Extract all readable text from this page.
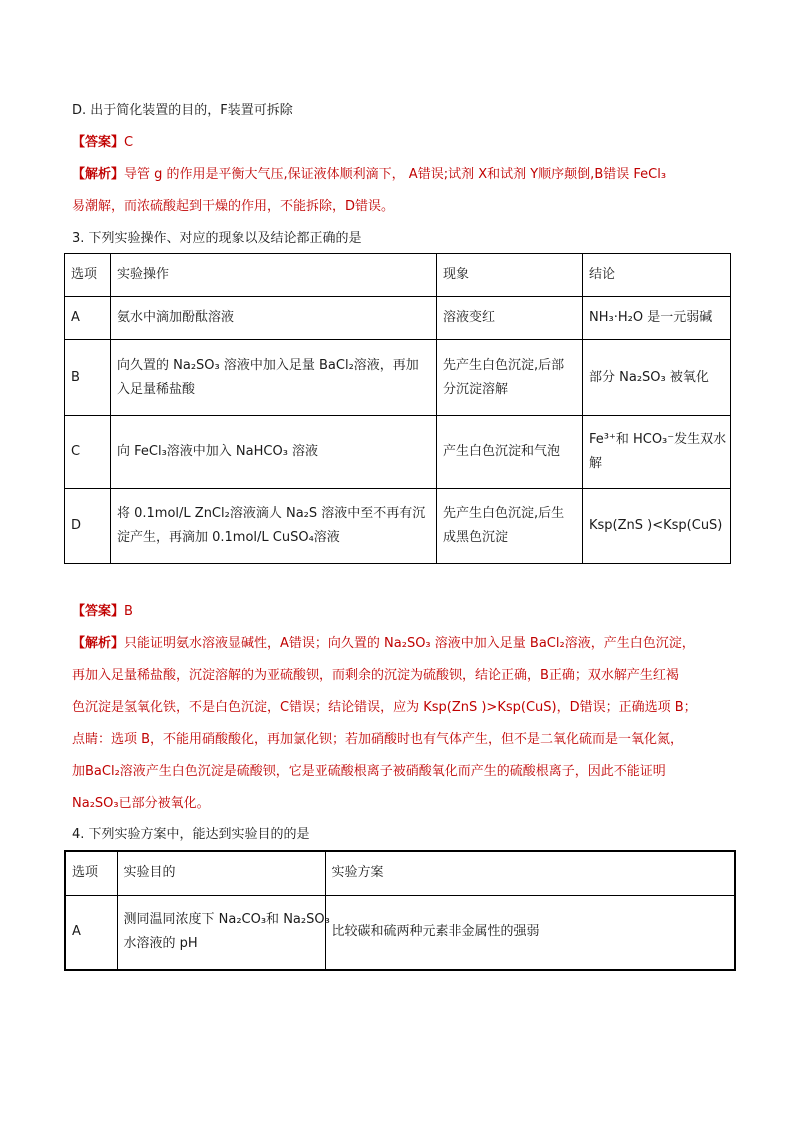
D. 出于简化装置的目的，F装置可拆除
【答案】C
【解析】导管 g 的作用是平衡大气压,保证液体顺利滴下， A错误;试剂 X和试剂 Y顺序颠倒,B错误 FeCl₃
易潮解，而浓硫酸起到干燥的作用，不能拆除，D错误。
3. 下列实验操作、对应的现象以及结论都正确的是
选项	实验操作	现象	结论
A	氨水中滴加酚酞溶液	溶液变红	NH₃·H₂O 是一元弱碱

B	向久置的 Na₂SO₃ 溶液中加入足量 BaCl₂溶液，再加
入足量稀盐酸	先产生白色沉淀,后部
分沉淀溶解	部分 Na₂SO₃ 被氧化

C	向 FeCl₃溶液中加入 NaHCO₃ 溶液	产生白色沉淀和气泡	Fe³⁺和 HCO₃⁻发生双水
解

D	将 0.1mol/L ZnCl₂溶液滴人 Na₂S 溶液中至不再有沉
淀产生，再滴加 0.1mol/L CuSO₄溶液	先产生白色沉淀,后生
成黑色沉淀	Ksp(ZnS )<Ksp(CuS)
【答案】B
【解析】只能证明氨水溶液显碱性，A错误；向久置的 Na₂SO₃ 溶液中加入足量 BaCl₂溶液，产生白色沉淀，
再加入足量稀盐酸，沉淀溶解的为亚硫酸钡，而剩余的沉淀为硫酸钡，结论正确，B正确；双水解产生红褐
色沉淀是氢氧化铁，不是白色沉淀，C错误；结论错误，应为 Ksp(ZnS )>Ksp(CuS)，D错误；正确选项 B；
点睛：选项 B，不能用硝酸酸化，再加氯化钡；若加硝酸时也有气体产生，但不是二氧化硫而是一氧化氮，
加BaCl₂溶液产生白色沉淀是硫酸钡，它是亚硫酸根离子被硝酸氧化而产生的硫酸根离子，因此不能证明
Na₂SO₃已部分被氧化。
4. 下列实验方案中，能达到实验目的的是
选项	实验目的	实验方案
A	测同温同浓度下 Na₂CO₃和 Na₂SO₃
水溶液的 pH	比较碳和硫两种元素非金属性的强弱
